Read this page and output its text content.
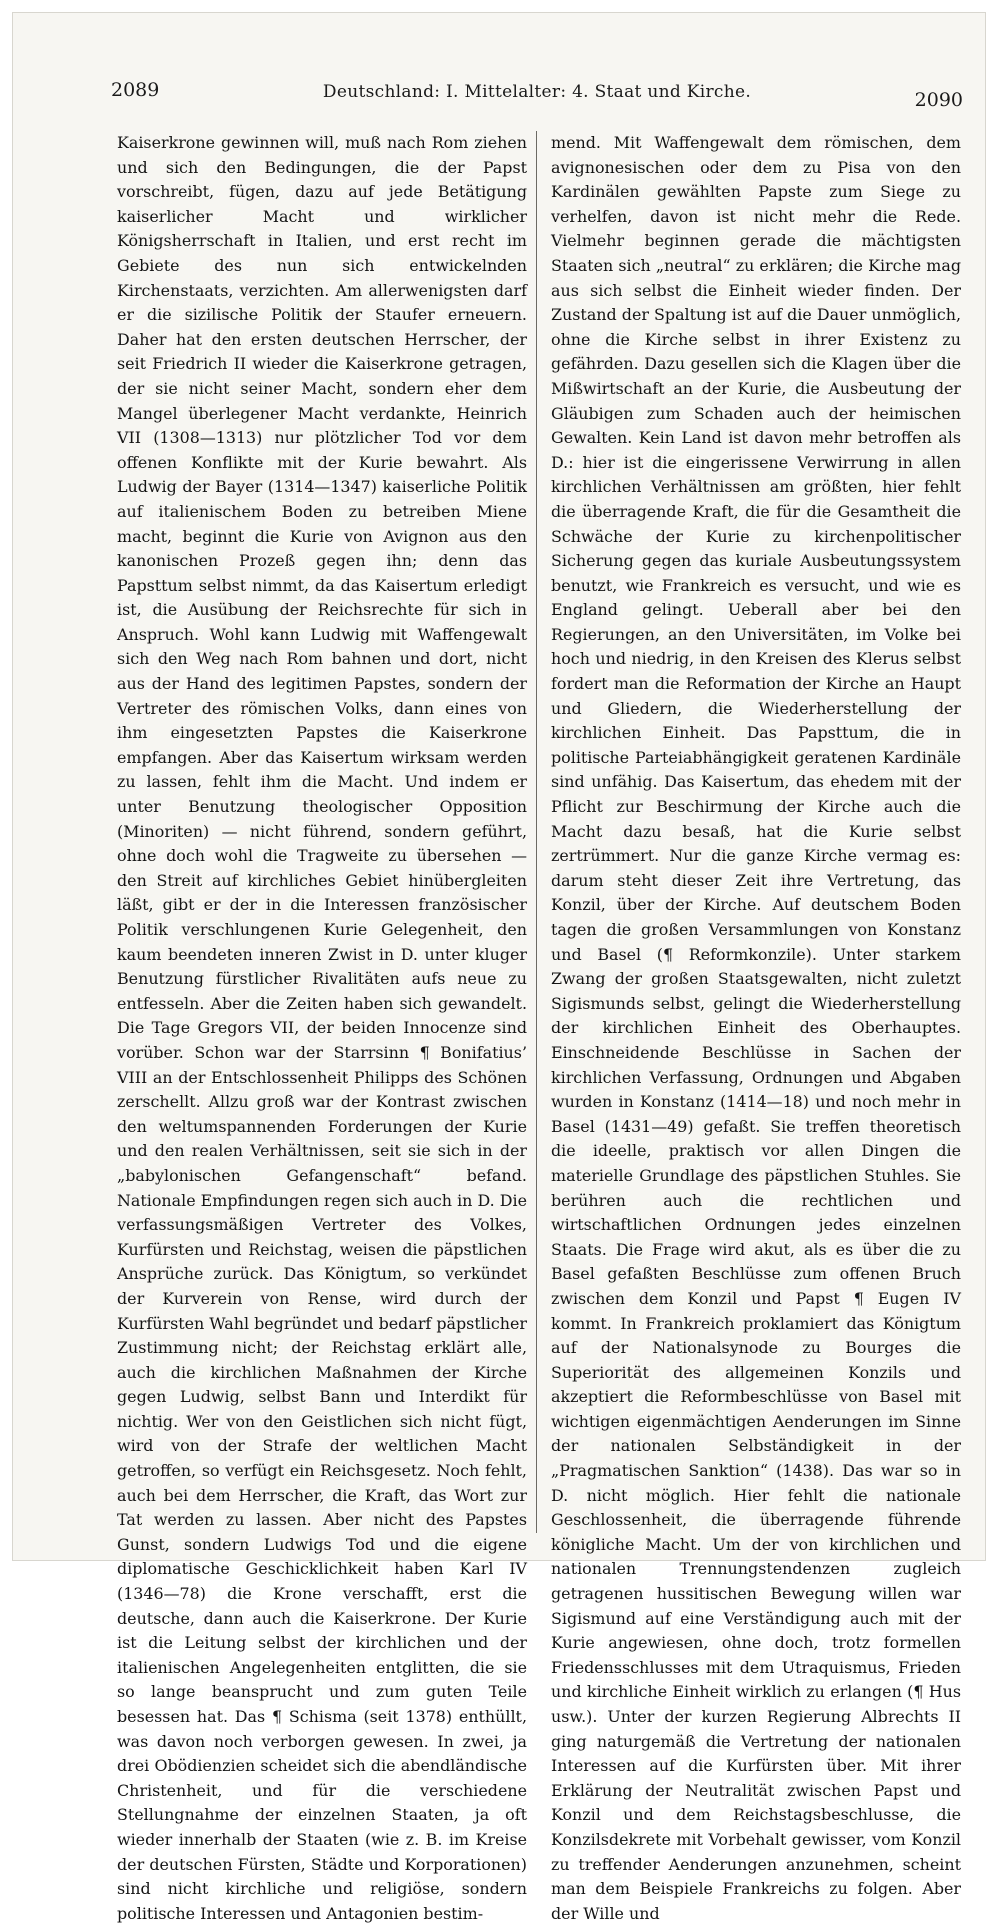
2089	Deutschland: I. Mittelalter: 4. Staat und Kirche.	2090

Kaiserkrone gewinnen will, muß nach Rom ziehen und sich den Bedingungen, die der Papst vorschreibt, fügen, dazu auf jede Betätigung kaiserlicher Macht und wirklicher Königsherrschaft in Italien, und erst recht im Gebiete des nun sich entwickelnden Kirchenstaats, verzichten. Am allerwenigsten darf er die sizilische Politik der Staufer erneuern. Daher hat den ersten deutschen Herrscher, der seit Friedrich II wieder die Kaiserkrone getragen, der sie nicht seiner Macht, sondern eher dem Mangel überlegener Macht verdankte, Heinrich VII (1308—1313) nur plötzlicher Tod vor dem offenen Konflikte mit der Kurie bewahrt. Als Ludwig der Bayer (1314—1347) kaiserliche Politik auf italienischem Boden zu betreiben Miene macht, beginnt die Kurie von Avignon aus den kanonischen Prozeß gegen ihn; denn das Papsttum selbst nimmt, da das Kaisertum erledigt ist, die Ausübung der Reichsrechte für sich in Anspruch. Wohl kann Ludwig mit Waffengewalt sich den Weg nach Rom bahnen und dort, nicht aus der Hand des legitimen Papstes, sondern der Vertreter des römischen Volks, dann eines von ihm eingesetzten Papstes die Kaiserkrone empfangen. Aber das Kaisertum wirksam werden zu lassen, fehlt ihm die Macht. Und indem er unter Benutzung theologischer Opposition (Minoriten) — nicht führend, sondern geführt, ohne doch wohl die Tragweite zu übersehen — den Streit auf kirchliches Gebiet hinübergleiten läßt, gibt er der in die Interessen französischer Politik verschlungenen Kurie Gelegenheit, den kaum beendeten inneren Zwist in D. unter kluger Benutzung fürstlicher Rivalitäten aufs neue zu entfesseln. Aber die Zeiten haben sich gewandelt. Die Tage Gregors VII, der beiden Innocenze sind vorüber. Schon war der Starrsinn ¶ Bonifatius’ VIII an der Entschlossenheit Philipps des Schönen zerschellt. Allzu groß war der Kontrast zwischen den weltumspannenden Forderungen der Kurie und den realen Verhältnissen, seit sie sich in der „babylonischen Gefangenschaft“ befand. Nationale Empfindungen regen sich auch in D. Die verfassungsmäßigen Vertreter des Volkes, Kurfürsten und Reichstag, weisen die päpstlichen Ansprüche zurück. Das Königtum, so verkündet der Kurverein von Rense, wird durch der Kurfürsten Wahl begründet und bedarf päpstlicher Zustimmung nicht; der Reichstag erklärt alle, auch die kirchlichen Maßnahmen der Kirche gegen Ludwig, selbst Bann und Interdikt für nichtig. Wer von den Geistlichen sich nicht fügt, wird von der Strafe der weltlichen Macht getroffen, so verfügt ein Reichsgesetz. Noch fehlt, auch bei dem Herrscher, die Kraft, das Wort zur Tat werden zu lassen. Aber nicht des Papstes Gunst, sondern Ludwigs Tod und die eigene diplomatische Geschicklichkeit haben Karl IV (1346—78) die Krone verschafft, erst die deutsche, dann auch die Kaiserkrone. Der Kurie ist die Leitung selbst der kirchlichen und der italienischen Angelegenheiten entglitten, die sie so lange beansprucht und zum guten Teile besessen hat. Das ¶ Schisma (seit 1378) enthüllt, was davon noch verborgen gewesen. In zwei, ja drei Obödienzien scheidet sich die abendländische Christenheit, und für die verschiedene Stellungnahme der einzelnen Staaten, ja oft wieder innerhalb der Staaten (wie z. B. im Kreise der deutschen Fürsten, Städte und Korporationen) sind nicht kirchliche und religiöse, sondern politische Interessen und Antagonien bestim-

mend. Mit Waffengewalt dem römischen, dem avignonesischen oder dem zu Pisa von den Kardinälen gewählten Papste zum Siege zu verhelfen, davon ist nicht mehr die Rede. Vielmehr beginnen gerade die mächtigsten Staaten sich „neutral“ zu erklären; die Kirche mag aus sich selbst die Einheit wieder finden. Der Zustand der Spaltung ist auf die Dauer unmöglich, ohne die Kirche selbst in ihrer Existenz zu gefährden. Dazu gesellen sich die Klagen über die Mißwirtschaft an der Kurie, die Ausbeutung der Gläubigen zum Schaden auch der heimischen Gewalten. Kein Land ist davon mehr betroffen als D.: hier ist die eingerissene Verwirrung in allen kirchlichen Verhältnissen am größten, hier fehlt die überragende Kraft, die für die Gesamtheit die Schwäche der Kurie zu kirchenpolitischer Sicherung gegen das kuriale Ausbeutungssystem benutzt, wie Frankreich es versucht, und wie es England gelingt. Ueberall aber bei den Regierungen, an den Universitäten, im Volke bei hoch und niedrig, in den Kreisen des Klerus selbst fordert man die Reformation der Kirche an Haupt und Gliedern, die Wiederherstellung der kirchlichen Einheit. Das Papsttum, die in politische Parteiabhängigkeit geratenen Kardinäle sind unfähig. Das Kaisertum, das ehedem mit der Pflicht zur Beschirmung der Kirche auch die Macht dazu besaß, hat die Kurie selbst zertrümmert. Nur die ganze Kirche vermag es: darum steht dieser Zeit ihre Vertretung, das Konzil, über der Kirche. Auf deutschem Boden tagen die großen Versammlungen von Konstanz und Basel (¶ Reformkonzile). Unter starkem Zwang der großen Staatsgewalten, nicht zuletzt Sigismunds selbst, gelingt die Wiederherstellung der kirchlichen Einheit des Oberhauptes. Einschneidende Beschlüsse in Sachen der kirchlichen Verfassung, Ordnungen und Abgaben wurden in Konstanz (1414—18) und noch mehr in Basel (1431—49) gefaßt. Sie treffen theoretisch die ideelle, praktisch vor allen Dingen die materielle Grundlage des päpstlichen Stuhles. Sie berühren auch die rechtlichen und wirtschaftlichen Ordnungen jedes einzelnen Staats. Die Frage wird akut, als es über die zu Basel gefaßten Beschlüsse zum offenen Bruch zwischen dem Konzil und Papst ¶ Eugen IV kommt. In Frankreich proklamiert das Königtum auf der Nationalsynode zu Bourges die Superiorität des allgemeinen Konzils und akzeptiert die Reformbeschlüsse von Basel mit wichtigen eigenmächtigen Aenderungen im Sinne der nationalen Selbständigkeit in der „Pragmatischen Sanktion“ (1438). Das war so in D. nicht möglich. Hier fehlt die nationale Geschlossenheit, die überragende führende königliche Macht. Um der von kirchlichen und nationalen Trennungstendenzen zugleich getragenen hussitischen Bewegung willen war Sigismund auf eine Verständigung auch mit der Kurie angewiesen, ohne doch, trotz formellen Friedensschlusses mit dem Utraquismus, Frieden und kirchliche Einheit wirklich zu erlangen (¶ Hus usw.). Unter der kurzen Regierung Albrechts II ging naturgemäß die Vertretung der nationalen Interessen auf die Kurfürsten über. Mit ihrer Erklärung der Neutralität zwischen Papst und Konzil und dem Reichstagsbeschlusse, die Konzilsdekrete mit Vorbehalt gewisser, vom Konzil zu treffender Aenderungen anzunehmen, scheint man dem Beispiele Frankreichs zu folgen. Aber der Wille und
